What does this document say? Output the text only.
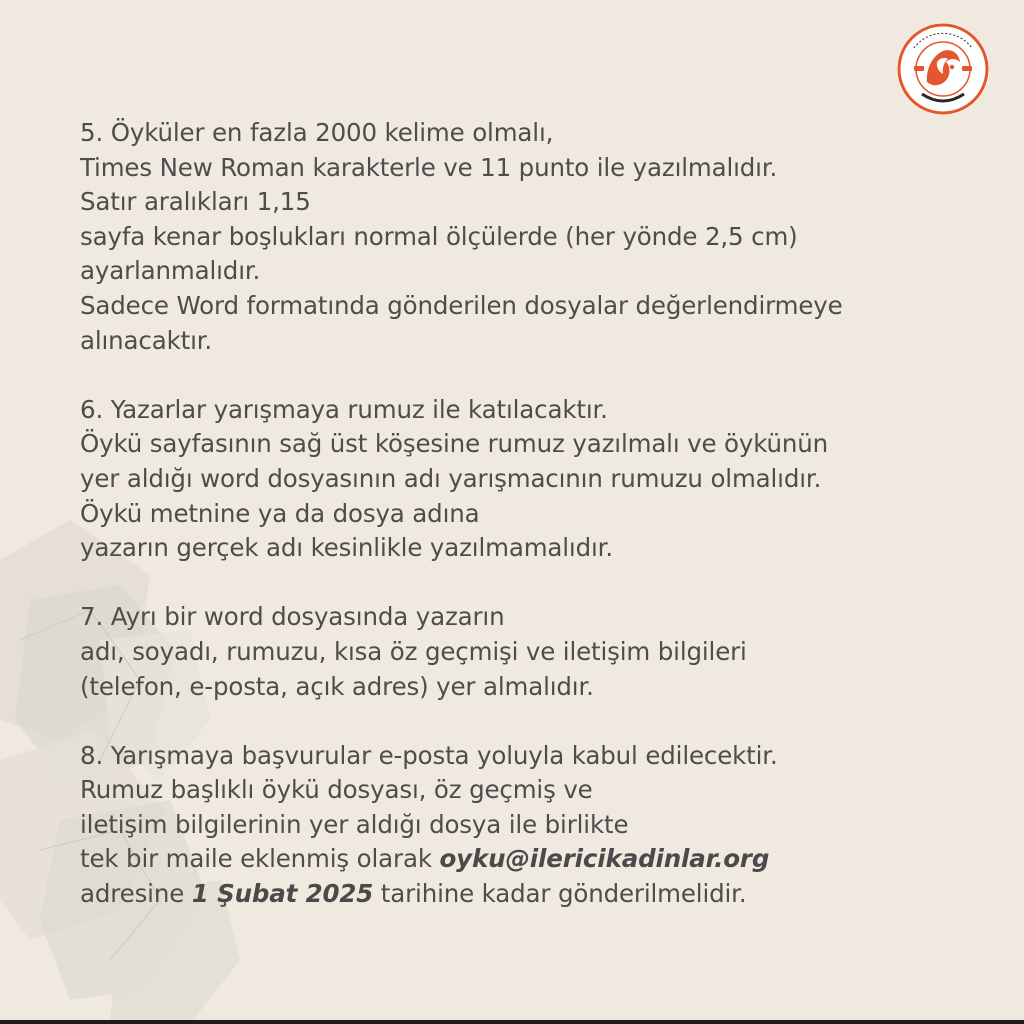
5. Öyküler en fazla 2000 kelime olmalı,
Times New Roman karakterle ve 11 punto ile yazılmalıdır.
Satır aralıkları 1,15
sayfa kenar boşlukları normal ölçülerde (her yönde 2,5 cm)
ayarlanmalıdır.
Sadece Word formatında gönderilen dosyalar değerlendirmeye
alınacaktır.
6. Yazarlar yarışmaya rumuz ile katılacaktır.
Öykü sayfasının sağ üst köşesine rumuz yazılmalı ve öykünün
yer aldığı word dosyasının adı yarışmacının rumuzu olmalıdır.
Öykü metnine ya da dosya adına
yazarın gerçek adı kesinlikle yazılmamalıdır.
7. Ayrı bir word dosyasında yazarın
adı, soyadı, rumuzu, kısa öz geçmişi ve iletişim bilgileri
(telefon, e-posta, açık adres) yer almalıdır.
8. Yarışmaya başvurular e-posta yoluyla kabul edilecektir.
Rumuz başlıklı öykü dosyası, öz geçmiş ve
iletişim bilgilerinin yer aldığı dosya ile birlikte
tek bir maile eklenmiş olarak oyku@ilericikadinlar.org
adresine 1 Şubat 2025 tarihine kadar gönderilmelidir.
